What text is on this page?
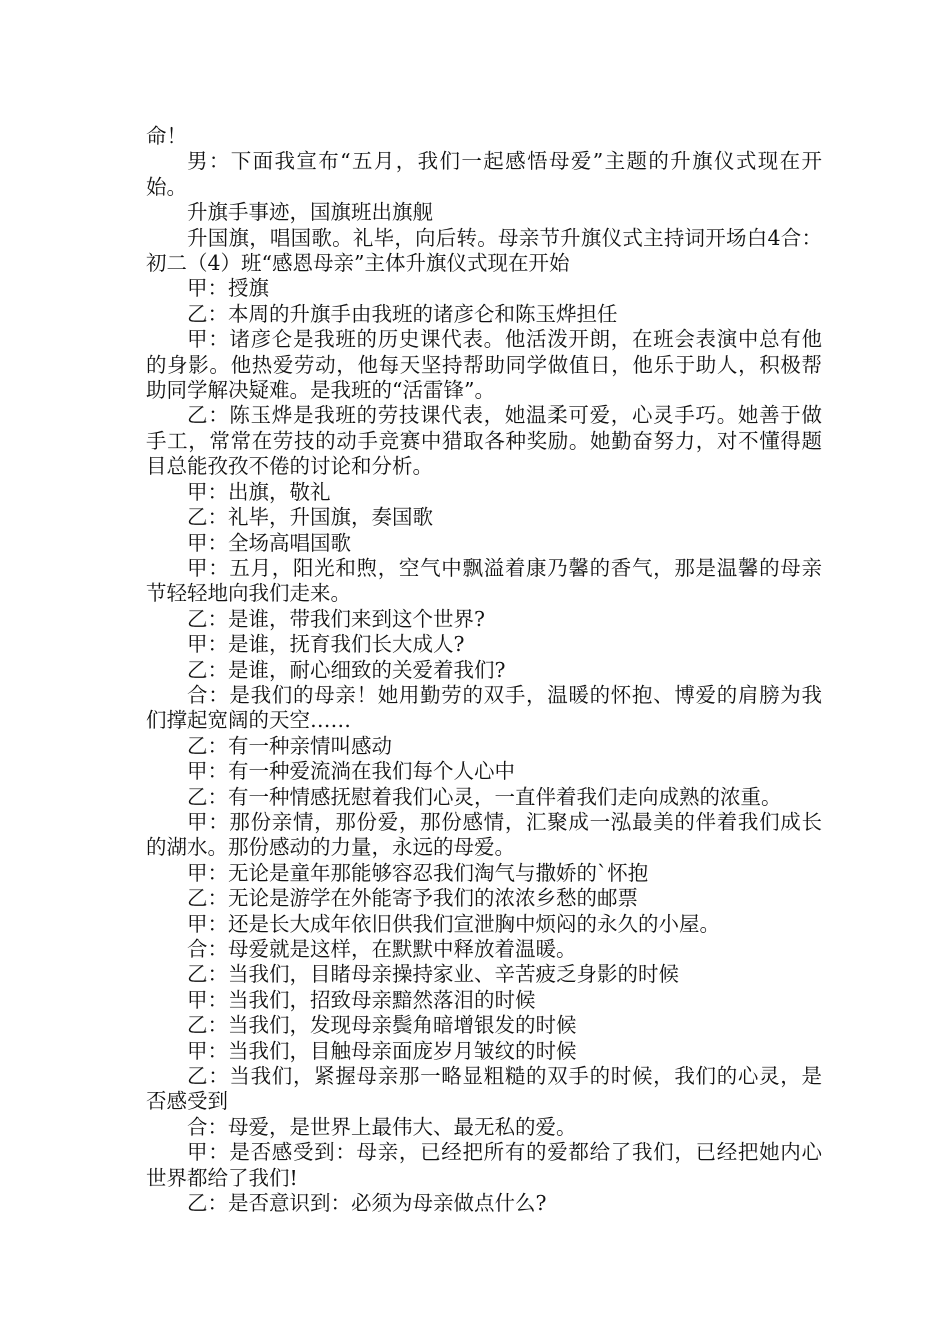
命！

男：下面我宣布“五月，我们一起感悟母爱”主题的升旗仪式现在开始。

升旗手事迹，国旗班出旗舰

升国旗，唱国歌。礼毕，向后转。母亲节升旗仪式主持词开场白4合：初二（4）班“感恩母亲”主体升旗仪式现在开始

甲：授旗

乙：本周的升旗手由我班的诸彦仑和陈玉烨担任

甲：诸彦仑是我班的历史课代表。他活泼开朗，在班会表演中总有他的身影。他热爱劳动，他每天坚持帮助同学做值日，他乐于助人，积极帮助同学解决疑难。是我班的“活雷锋”。

乙：陈玉烨是我班的劳技课代表，她温柔可爱，心灵手巧。她善于做手工，常常在劳技的动手竞赛中猎取各种奖励。她勤奋努力，对不懂得题目总能孜孜不倦的讨论和分析。

甲：出旗，敬礼

乙：礼毕，升国旗，奏国歌

甲：全场高唱国歌

甲：五月，阳光和煦，空气中飘溢着康乃馨的香气，那是温馨的母亲节轻轻地向我们走来。

乙：是谁，带我们来到这个世界?

甲：是谁，抚育我们长大成人?

乙：是谁，耐心细致的关爱着我们?

合：是我们的母亲！她用勤劳的双手，温暖的怀抱、博爱的肩膀为我们撑起宽阔的天空……

乙：有一种亲情叫感动

甲：有一种爱流淌在我们每个人心中

乙：有一种情感抚慰着我们心灵，一直伴着我们走向成熟的浓重。

甲：那份亲情，那份爱，那份感情，汇聚成一泓最美的伴着我们成长的湖水。那份感动的力量，永远的母爱。

甲：无论是童年那能够容忍我们淘气与撒娇的`怀抱

乙：无论是游学在外能寄予我们的浓浓乡愁的邮票

甲：还是长大成年依旧供我们宣泄胸中烦闷的永久的小屋。

合：母爱就是这样，在默默中释放着温暖。

乙：当我们，目睹母亲操持家业、辛苦疲乏身影的时候

甲：当我们，招致母亲黯然落泪的时候

乙：当我们，发现母亲鬓角暗增银发的时候

甲：当我们，目触母亲面庞岁月皱纹的时候

乙：当我们，紧握母亲那一略显粗糙的双手的时候，我们的心灵，是否感受到

合：母爱，是世界上最伟大、最无私的爱。

甲：是否感受到：母亲，已经把所有的爱都给了我们，已经把她内心世界都给了我们!

乙：是否意识到：必须为母亲做点什么?
